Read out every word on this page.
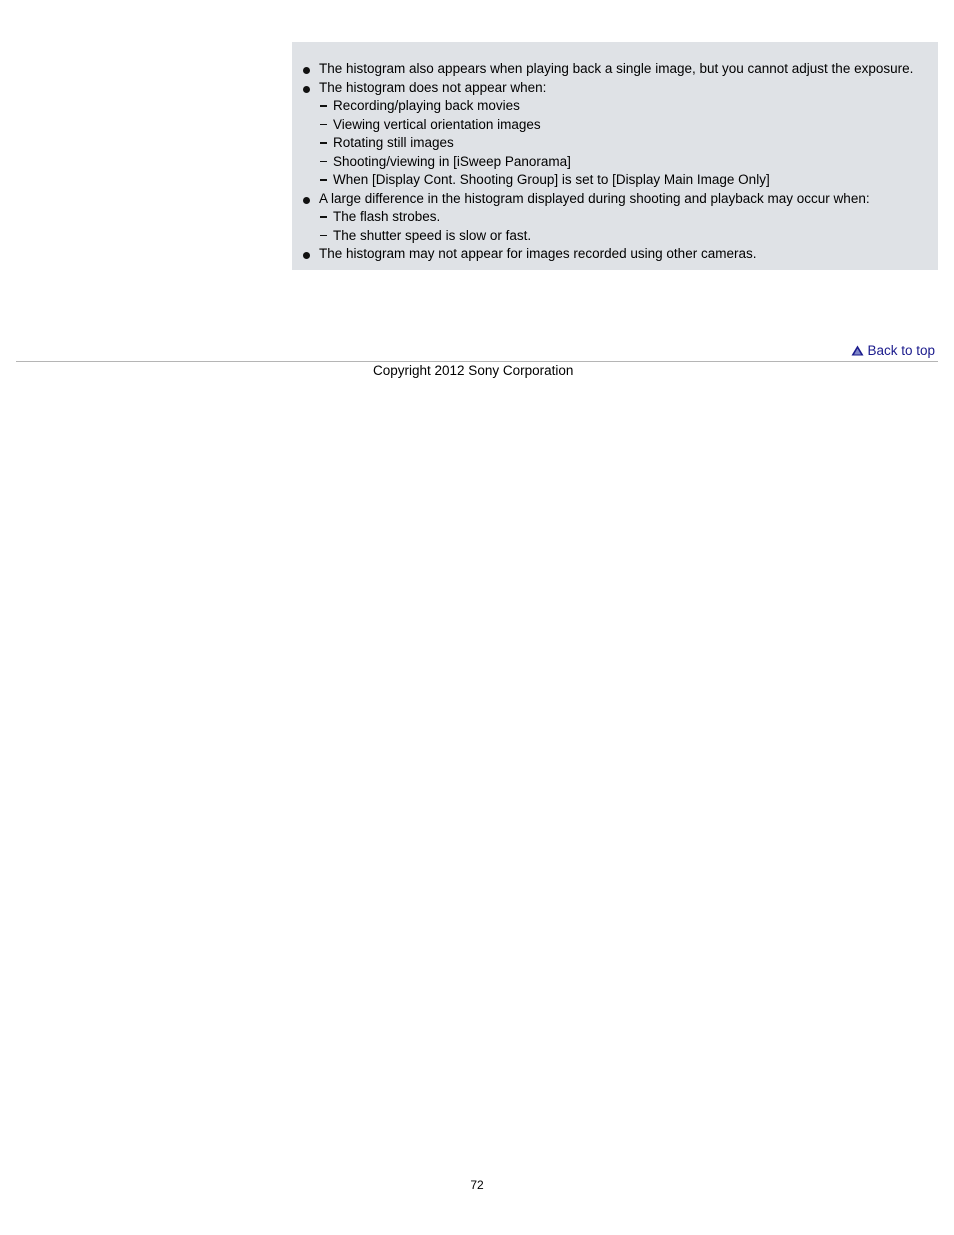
The histogram also appears when playing back a single image, but you cannot adjust the exposure.
The histogram does not appear when:
Recording/playing back movies
Viewing vertical orientation images
Rotating still images
Shooting/viewing in [iSweep Panorama]
When [Display Cont. Shooting Group] is set to [Display Main Image Only]
A large difference in the histogram displayed during shooting and playback may occur when:
The flash strobes.
The shutter speed is slow or fast.
The histogram may not appear for images recorded using other cameras.
Back to top
Copyright 2012 Sony Corporation
72
